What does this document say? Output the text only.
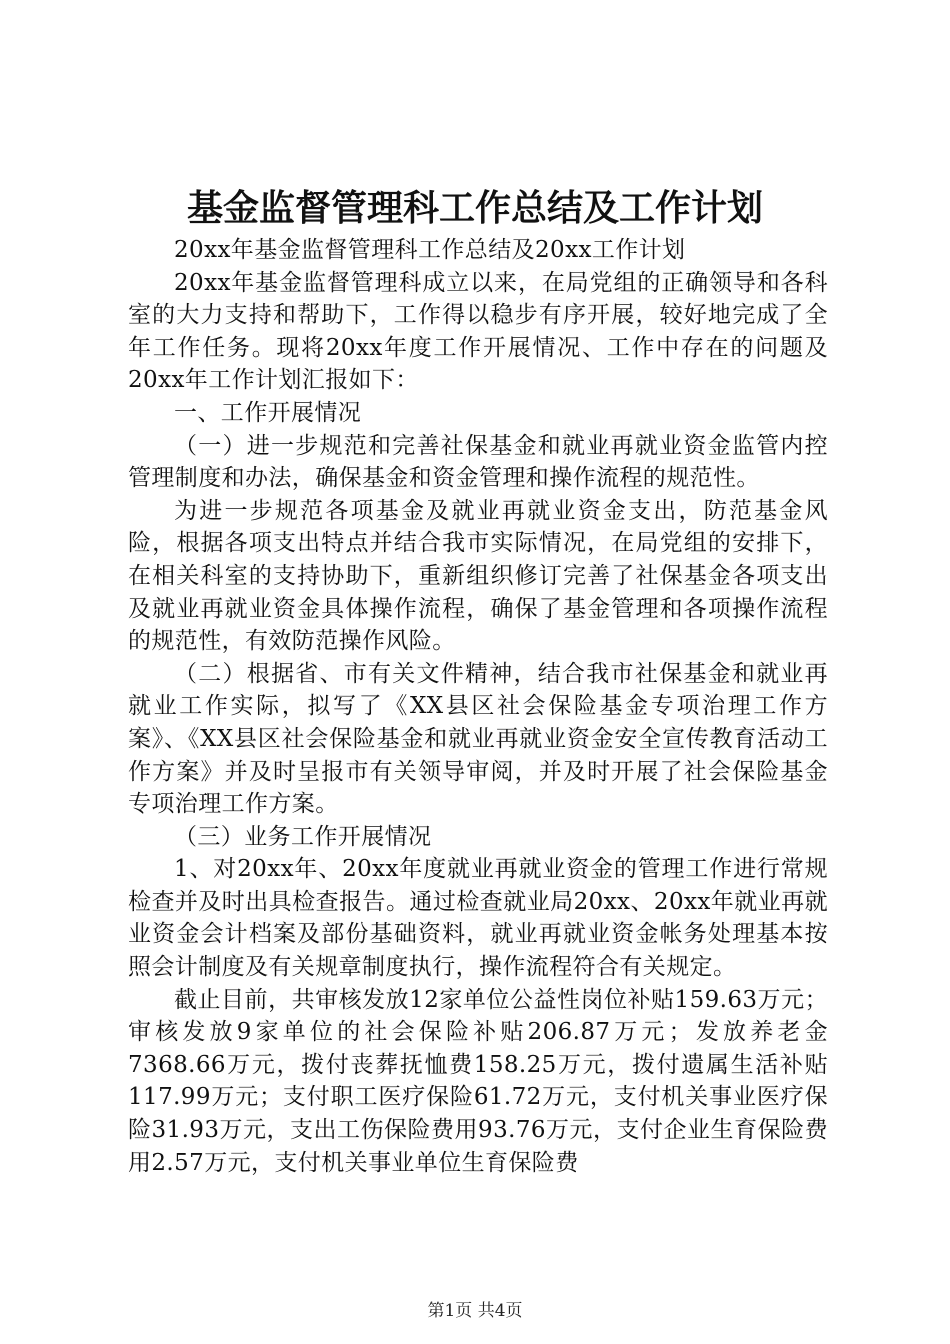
基金监督管理科工作总结及工作计划

20xx年基金监督管理科工作总结及20xx工作计划

20xx年基金监督管理科成立以来，在局党组的正确领导和各科室的大力支持和帮助下，工作得以稳步有序开展，较好地完成了全年工作任务。现将20xx年度工作开展情况、工作中存在的问题及20xx年工作计划汇报如下：

一、工作开展情况

（一）进一步规范和完善社保基金和就业再就业资金监管内控管理制度和办法，确保基金和资金管理和操作流程的规范性。

为进一步规范各项基金及就业再就业资金支出，防范基金风险，根据各项支出特点并结合我市实际情况，在局党组的安排下，在相关科室的支持协助下，重新组织修订完善了社保基金各项支出及就业再就业资金具体操作流程，确保了基金管理和各项操作流程的规范性，有效防范操作风险。

（二）根据省、市有关文件精神，结合我市社保基金和就业再就业工作实际，拟写了《XX县区社会保险基金专项治理工作方案》、《XX县区社会保险基金和就业再就业资金安全宣传教育活动工作方案》并及时呈报市有关领导审阅，并及时开展了社会保险基金专项治理工作方案。

（三）业务工作开展情况

1、对20xx年、20xx年度就业再就业资金的管理工作进行常规检查并及时出具检查报告。通过检查就业局20xx、20xx年就业再就业资金会计档案及部份基础资料，就业再就业资金帐务处理基本按照会计制度及有关规章制度执行，操作流程符合有关规定。

截止目前，共审核发放12家单位公益性岗位补贴159.63万元；审核发放9家单位的社会保险补贴206.87万元；发放养老金7368.66万元，拨付丧葬抚恤费158.25万元，拨付遗属生活补贴117.99万元；支付职工医疗保险61.72万元，支付机关事业医疗保险31.93万元，支出工伤保险费用93.76万元，支付企业生育保险费用2.57万元，支付机关事业单位生育保险费

第1页 共4页
